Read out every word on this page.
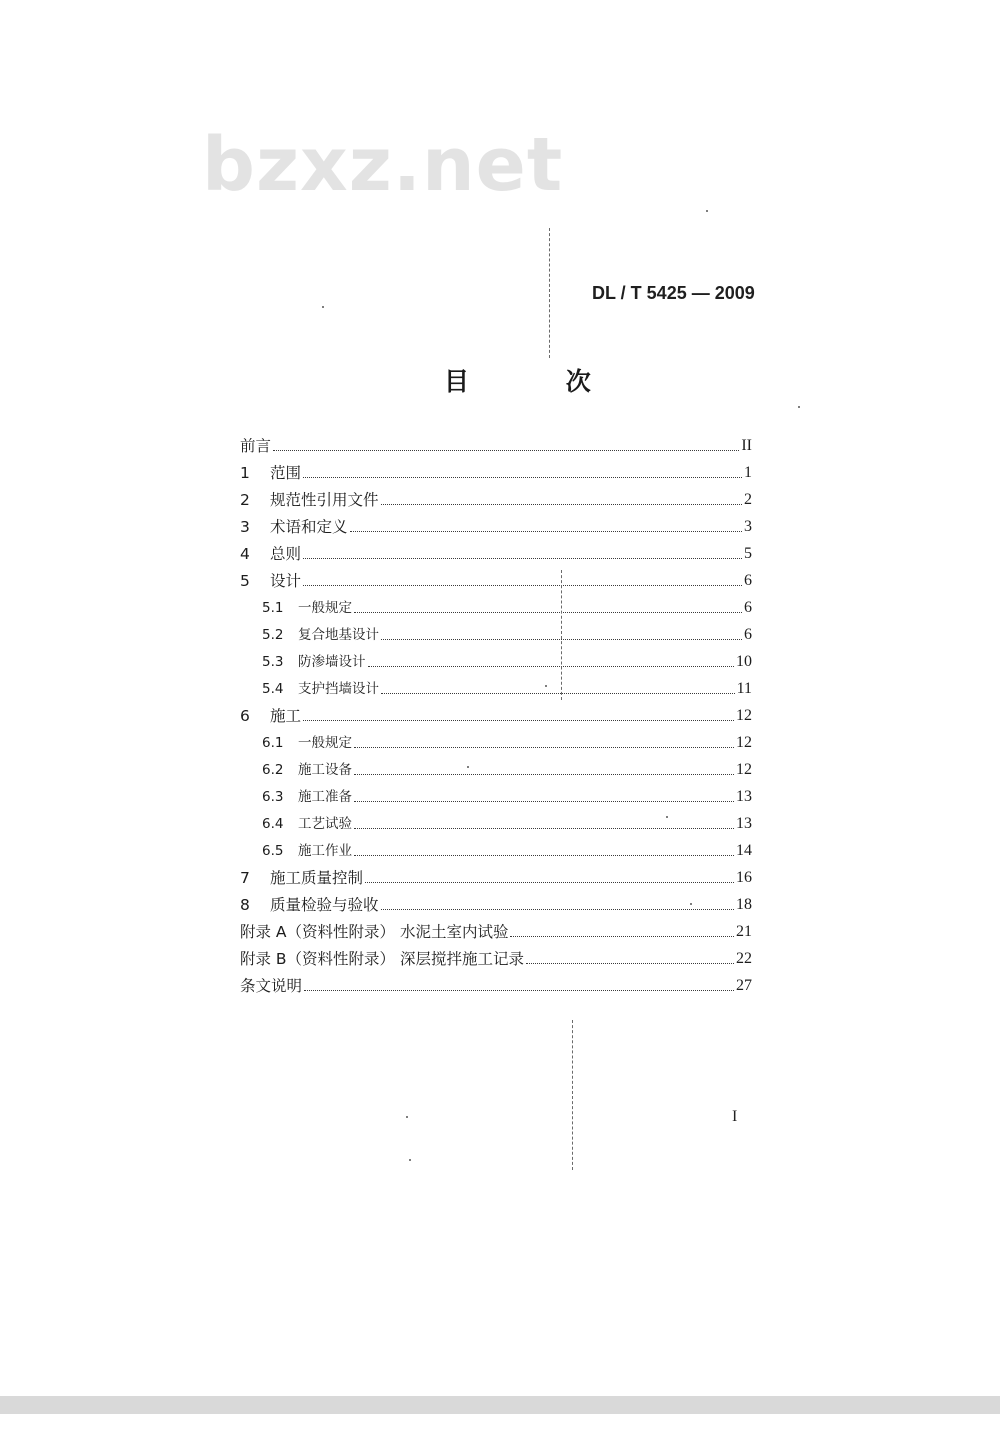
bzxz.net
DL / T 5425 — 2009
目 次
前言	II
1	范围	1
2	规范性引用文件	2
3	术语和定义	3
4	总则	5
5	设计	6
5.1	一般规定	6
5.2	复合地基设计	6
5.3	防渗墙设计	10
5.4	支护挡墙设计	11
6	施工	12
6.1	一般规定	12
6.2	施工设备	12
6.3	施工准备	13
6.4	工艺试验	13
6.5	施工作业	14
7	施工质量控制	16
8	质量检验与验收	18
附录 A（资料性附录） 水泥土室内试验	21
附录 B（资料性附录） 深层搅拌施工记录	22
条文说明	27
I
